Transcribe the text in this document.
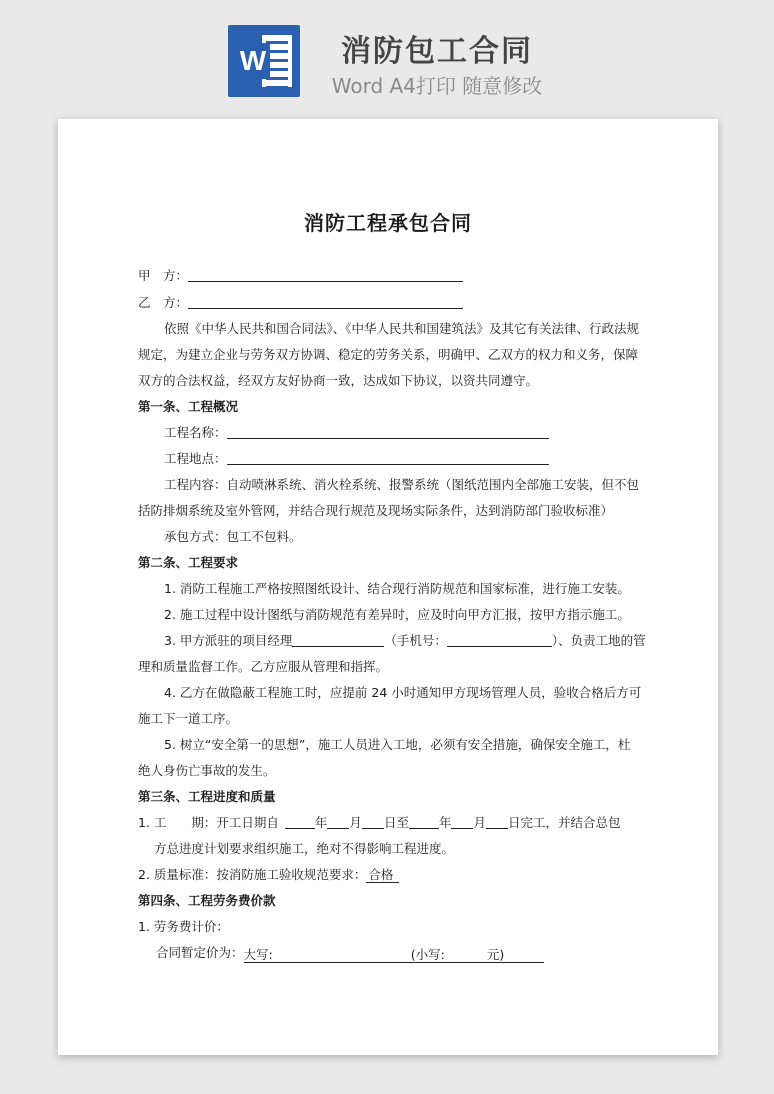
W	消防包工合同
Word A4打印 随意修改
消防工程承包合同
甲　方：
乙　方：
依照《中华人民共和国合同法》、《中华人民共和国建筑法》及其它有关法律、行政法规
规定，为建立企业与劳务双方协调、稳定的劳务关系，明确甲、乙双方的权力和义务，保障
双方的合法权益，经双方友好协商一致，达成如下协议，以资共同遵守。
第一条、工程概况
工程名称：
工程地点：
工程内容：自动喷淋系统、消火栓系统、报警系统（图纸范围内全部施工安装，但不包
括防排烟系统及室外管网，并结合现行规范及现场实际条件，达到消防部门验收标准）
承包方式：包工不包料。
第二条、工程要求
1. 消防工程施工严格按照图纸设计、结合现行消防规范和国家标准，进行施工安装。
2. 施工过程中设计图纸与消防规范有差异时，应及时向甲方汇报，按甲方指示施工。
3. 甲方派驻的项目经理	（手机号：	）、负责工地的管
理和质量监督工作。乙方应服从管理和指挥。
4. 乙方在做隐蔽工程施工时，应提前 24 小时通知甲方现场管理人员，验收合格后方可
施工下一道工序。
5. 树立“安全第一的思想”，施工人员进入工地，必须有安全措施，确保安全施工，杜
绝人身伤亡事故的发生。
第三条、工程进度和质量
1. 工　　期：开工日期自	年 月 日至 年 月 日完工，并结合总包
方总进度计划要求组织施工，绝对不得影响工程进度。
2. 质量标准：按消防施工验收规范要求： 合格
第四条、工程劳务费价款
1. 劳务费计价：
合同暂定价为：大写:	(小写:	元)
